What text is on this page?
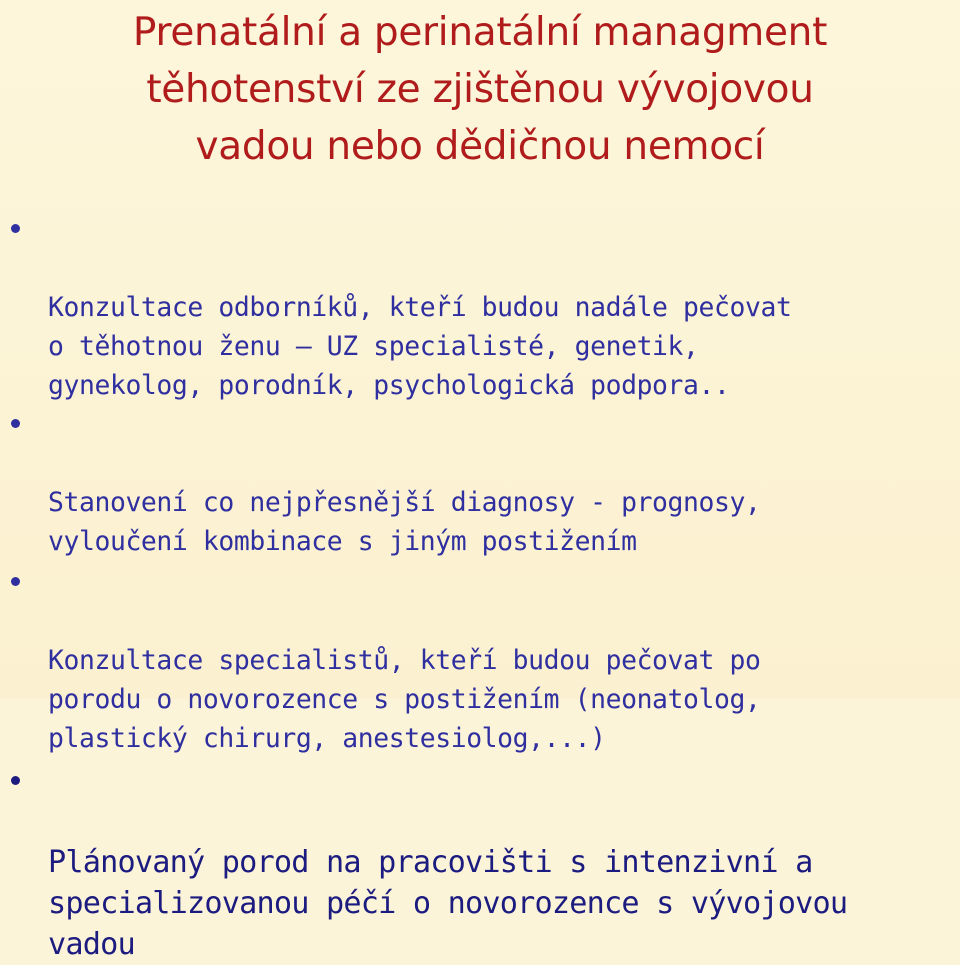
Prenatální a perinatální managment
těhotenství ze zjištěnou vývojovou
vadou nebo dědičnou nemocí

Konzultace odborníků, kteří budou nadále pečovat
o těhotnou ženu – UZ specialisté, genetik,
gynekolog, porodník, psychologická podpora..

Stanovení co nejpřesnější diagnosy - prognosy,
vyloučení kombinace s jiným postižením

Konzultace specialistů, kteří budou pečovat po
porodu o novorozence s postižením (neonatolog,
plastický chirurg, anestesiolog,...)

Plánovaný porod na pracovišti s intenzivní a
specializovanou péčí o novorozence s vývojovou
vadou
